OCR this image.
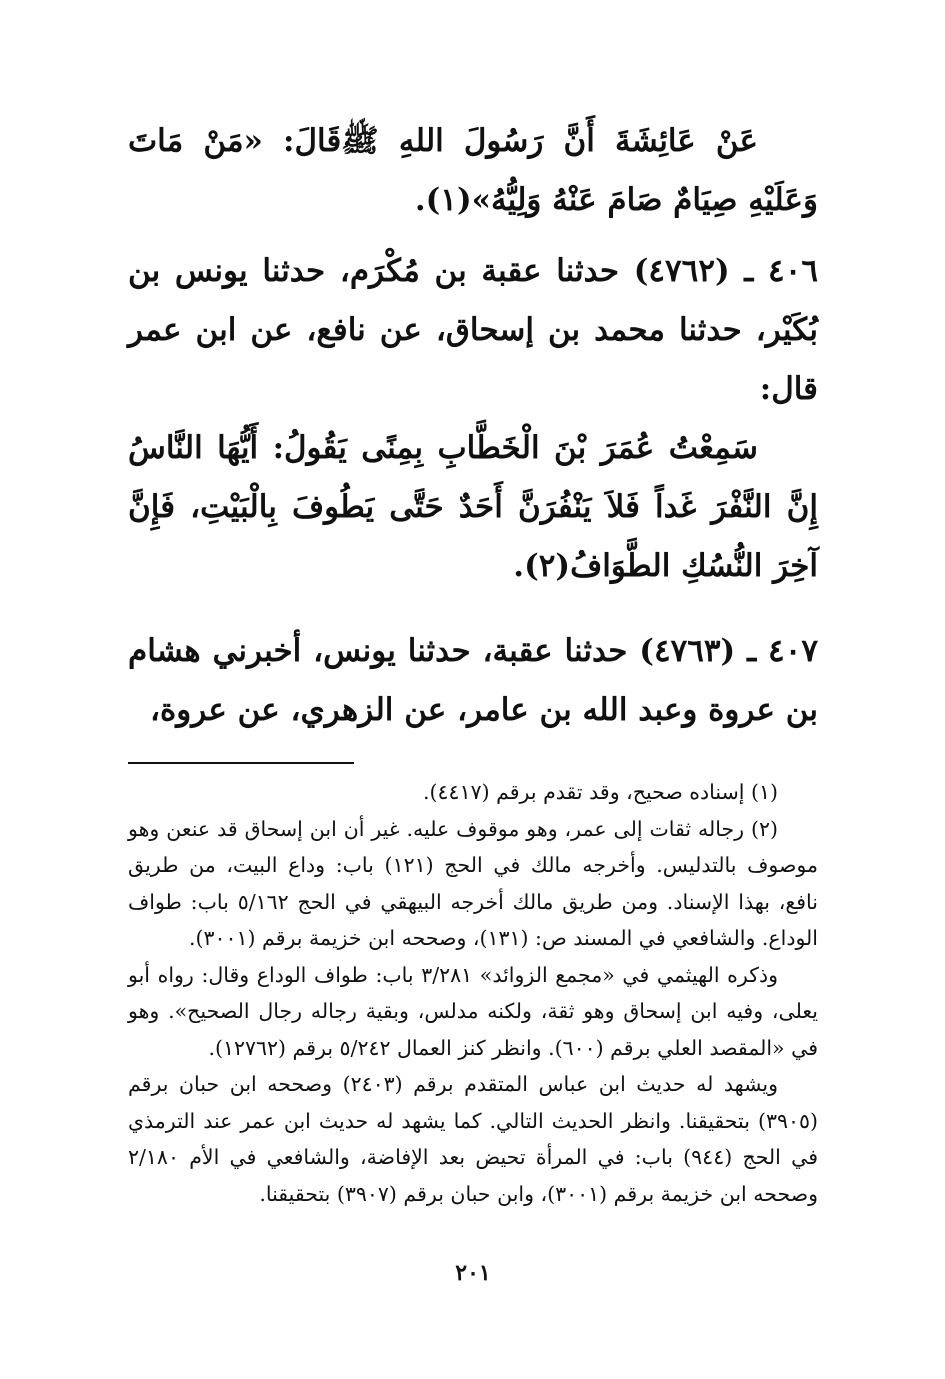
عَنْ عَائِشَةَ أَنَّ رَسُولَ اللهِ ﷺقَالَ: «مَنْ مَاتَ وَعَلَيْهِ صِيَامٌ صَامَ عَنْهُ وَلِيُّهُ»(١).

٤٠٦ ـ (٤٧٦٢) حدثنا عقبة بن مُكْرَم، حدثنا يونس بن بُكَيْر، حدثنا محمد بن إسحاق، عن نافع، عن ابن عمر قال:

سَمِعْتُ عُمَرَ بْنَ الْخَطَّابِ بِمِنًى يَقُولُ: أَيُّهَا النَّاسُ إِنَّ النَّفْرَ غَداً فَلاَ يَنْفُرَنَّ أَحَدٌ حَتَّى يَطُوفَ بِالْبَيْتِ، فَإِنَّ آخِرَ النُّسُكِ الطَّوَافُ(٢).

٤٠٧ ـ (٤٧٦٣) حدثنا عقبة، حدثنا يونس، أخبرني هشام بن عروة وعبد الله بن عامر، عن الزهري، عن عروة،

(١) إسناده صحيح، وقد تقدم برقم (٤٤١٧).

(٢) رجاله ثقات إلى عمر، وهو موقوف عليه. غير أن ابن إسحاق قد عنعن وهو موصوف بالتدليس. وأخرجه مالك في الحج (١٢١) باب: وداع البيت، من طريق نافع، بهذا الإسناد. ومن طريق مالك أخرجه البيهقي في الحج ٥/١٦٢ باب: طواف الوداع. والشافعي في المسند ص: (١٣١)، وصححه ابن خزيمة برقم (٣٠٠١).

وذكره الهيثمي في «مجمع الزوائد» ٣/٢٨١ باب: طواف الوداع وقال: رواه أبو يعلى، وفيه ابن إسحاق وهو ثقة، ولكنه مدلس، وبقية رجاله رجال الصحيح». وهو في «المقصد العلي برقم (٦٠٠). وانظر كنز العمال ٥/٢٤٢ برقم (١٢٧٦٢).

ويشهد له حديث ابن عباس المتقدم برقم (٢٤٠٣) وصححه ابن حبان برقم (٣٩٠٥) بتحقيقنا. وانظر الحديث التالي. كما يشهد له حديث ابن عمر عند الترمذي في الحج (٩٤٤) باب: في المرأة تحيض بعد الإفاضة، والشافعي في الأم ٢/١٨٠ وصححه ابن خزيمة برقم (٣٠٠١)، وابن حبان برقم (٣٩٠٧) بتحقيقنا.

٢٠١
